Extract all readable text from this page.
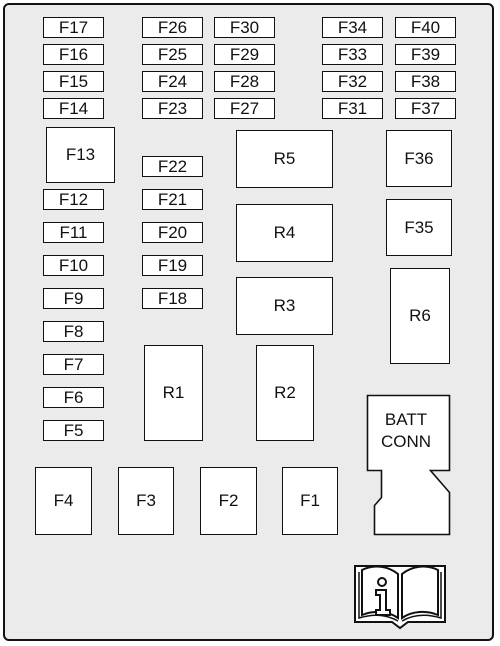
F17
F16
F15
F14
F26
F25
F24
F23
F30
F29
F28
F27
F34
F33
F32
F31
F40
F39
F38
F37
F13
F12
F11
F10
F9
F8
F7
F6
F5
F22
F21
F20
F19
F18
R5
R4
R3
R1	R2
R6
F36
F35
F4	F3	F2	F1
BATT
CONN
